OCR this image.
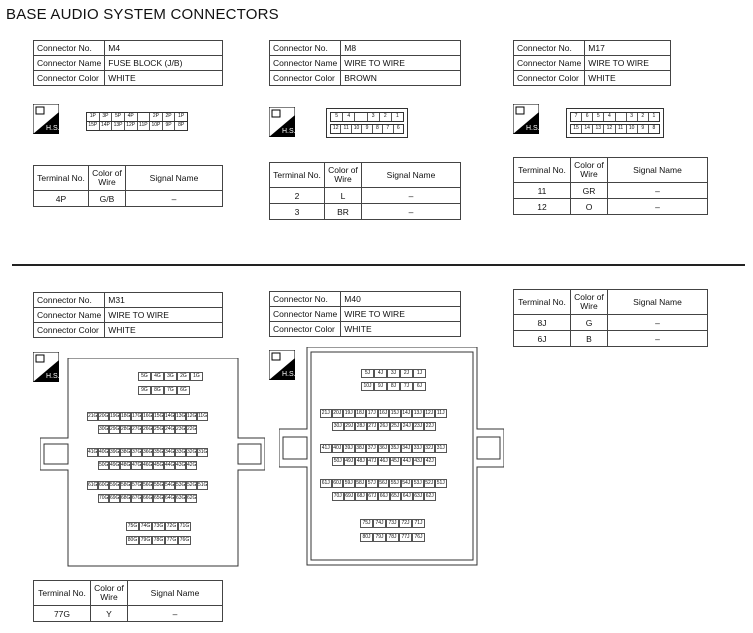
BASE AUDIO SYSTEM CONNECTORS
Connector No.	M4
Connector Name	FUSE BLOCK (J/B)
Connector Color	WHITE
H.S.
1P	3P	5P	4P	2P	2P	1P
15P 14P 13P 12P 11P 10P	9P	8P
Terminal No.	Color of Wire	Signal Name
4P	G/B	–
Connector No.	M8
Connector Name	WIRE TO WIRE
Connector Color	BROWN
H.S.
5	4	3	2	1
12	11	10	9	8	7	6
Terminal No.	Color of Wire	Signal Name
2	L	–
3	BR	–
Connector No.	M17
Connector Name	WIRE TO WIRE
Connector Color	WHITE
H.S.
7	6	5	4	3	2	1
15	14	13	12	11	10	9	8
Terminal No.	Color of Wire	Signal Name
11	GR	–
12	O	–
Connector No.	M31
Connector Name	WIRE TO WIRE
Connector Color	WHITE
H.S.	5G	4G	3G	2G	1G
9G	8G	7G	6G
21G 20G 19G 18G 17G 16G 15G 14G 13G 12G 11G
30G 29G 28G 27G 26G 25G 24G 23G 22G
41G 40G 39G 38G 37G 36G 35G 34G 33G 32G 31G
50G 49G 48G 47G 46G 45G 44G 43G 42G
61G 60G 59G 58G 57G 56G 55G 54G 53G 52G 51G
70G 69G 68G 67G 66G 65G 64G 63G 62G
75G 74G 73G 72G 71G
80G 79G 78G 77G 76G
Terminal No.	Color of Wire	Signal Name
77G	Y	–
Connector No.	M40
Connector Name	WIRE TO WIRE
Connector Color	WHITE
H.S.	5J	4J	3J	2J	1J
10J	9J	8J	7J	6J
21J 20J 19J 18J 17J 16J 15J 14J 13J 12J 11J
30J 29J 28J 27J 26J 25J 24J 23J 22J
41J 40J 39J 38J 37J 36J 35J 34J 33J 32J 31J
50J 49J 48J 47J 46J 45J 44J 43J 42J
61J 60J 59J 58J 57J 56J 55J 54J 53J 52J 51J
70J 69J 68J 67J 66J 65J 64J 63J 62J
75J 74J 73J 72J 71J
80J 79J 78J 77J 76J
Terminal No.	Color of Wire	Signal Name
8J	G	–
6J	B	–
